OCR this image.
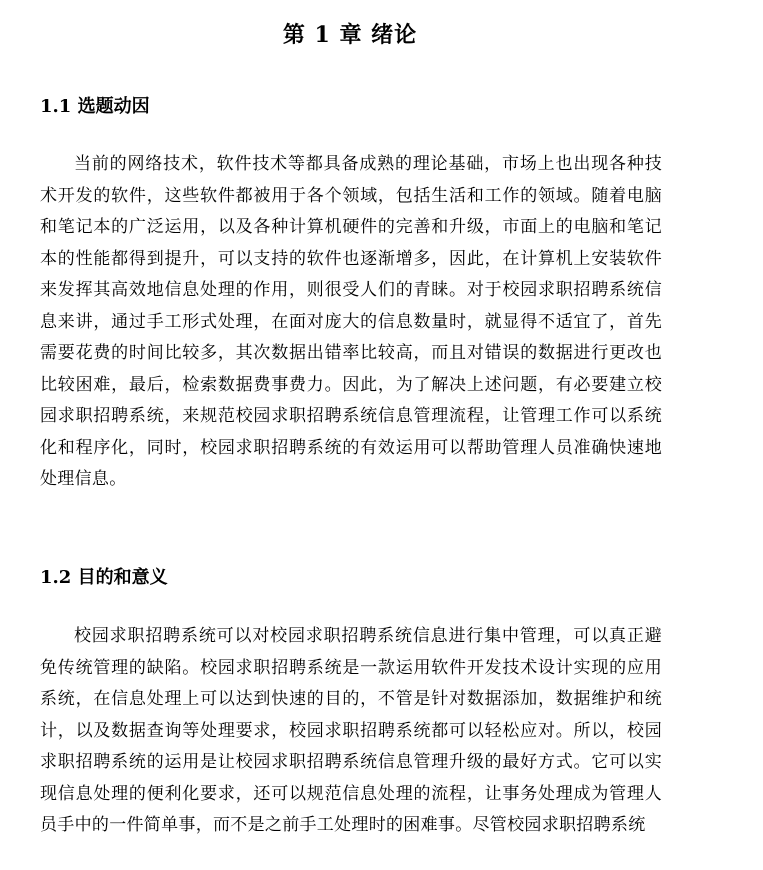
第 1 章 绪论
1.1 选题动因

当前的网络技术，软件技术等都具备成熟的理论基础，市场上也出现各种技术开发的软件，这些软件都被用于各个领域，包括生活和工作的领域。随着电脑和笔记本的广泛运用，以及各种计算机硬件的完善和升级，市面上的电脑和笔记本的性能都得到提升，可以支持的软件也逐渐增多，因此，在计算机上安装软件来发挥其高效地信息处理的作用，则很受人们的青睐。对于校园求职招聘系统信息来讲，通过手工形式处理，在面对庞大的信息数量时，就显得不适宜了，首先需要花费的时间比较多，其次数据出错率比较高，而且对错误的数据进行更改也比较困难，最后，检索数据费事费力。因此，为了解决上述问题，有必要建立校园求职招聘系统，来规范校园求职招聘系统信息管理流程，让管理工作可以系统化和程序化，同时，校园求职招聘系统的有效运用可以帮助管理人员准确快速地处理信息。

1.2 目的和意义

校园求职招聘系统可以对校园求职招聘系统信息进行集中管理，可以真正避免传统管理的缺陷。校园求职招聘系统是一款运用软件开发技术设计实现的应用系统，在信息处理上可以达到快速的目的，不管是针对数据添加，数据维护和统计，以及数据查询等处理要求，校园求职招聘系统都可以轻松应对。所以，校园求职招聘系统的运用是让校园求职招聘系统信息管理升级的最好方式。它可以实现信息处理的便利化要求，还可以规范信息处理的流程，让事务处理成为管理人员手中的一件简单事，而不是之前手工处理时的困难事。尽管校园求职招聘系统
